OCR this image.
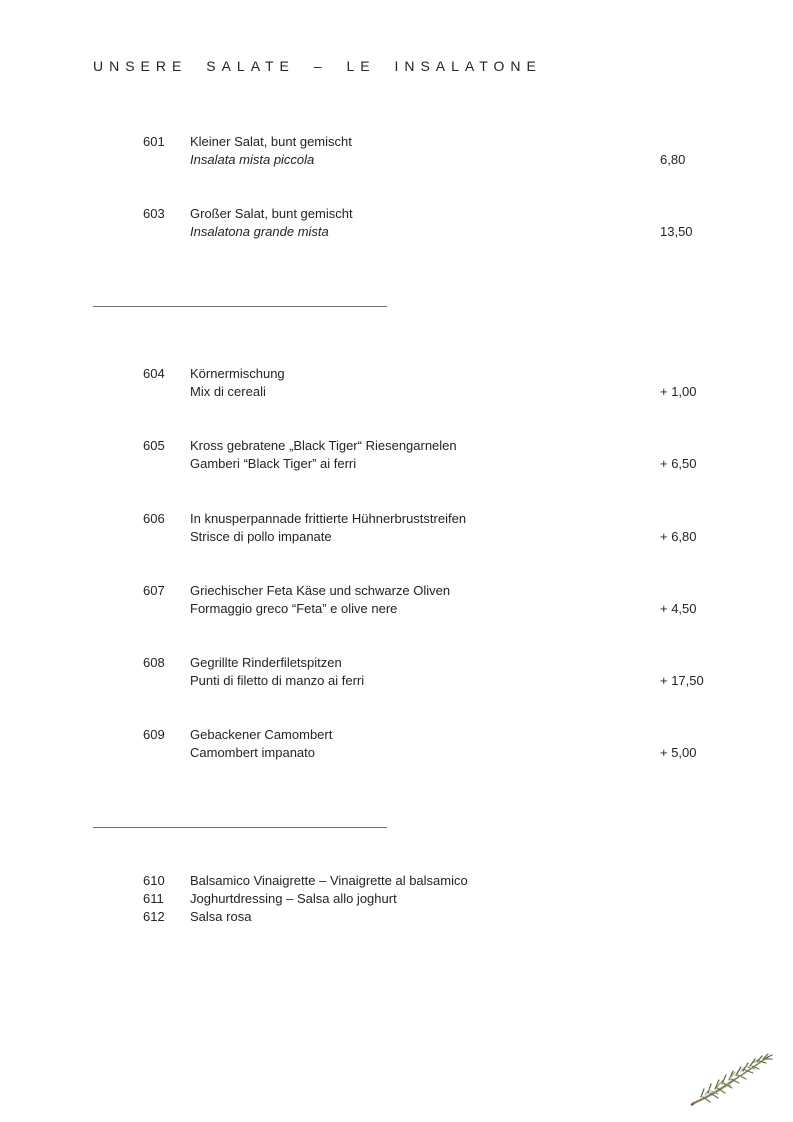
UNSERE SALATE – LE INSALATONE
601 Kleiner Salat, bunt gemischt
Insalata mista piccola	6,80
603 Großer Salat, bunt gemischt
Insalatona grande mista	13,50
604 Körnermischung
Mix di cereali	+ 1,00
605 Kross gebratene „Black Tiger“ Riesengarnelen
Gamberi “Black Tiger” ai ferri	+ 6,50
606 In knusperpannade frittierte Hühnerbruststreifen
Strisce di pollo impanate	+ 6,80
607 Griechischer Feta Käse und schwarze Oliven
Formaggio greco “Feta” e olive nere	+ 4,50
608 Gegrillte Rinderfiletspitzen
Punti di filetto di manzo ai ferri	+ 17,50
609 Gebackener Camombert
Camombert impanato	+ 5,00
610 Balsamico Vinaigrette – Vinaigrette al balsamico
611 Joghurtdressing – Salsa allo joghurt
612 Salsa rosa
